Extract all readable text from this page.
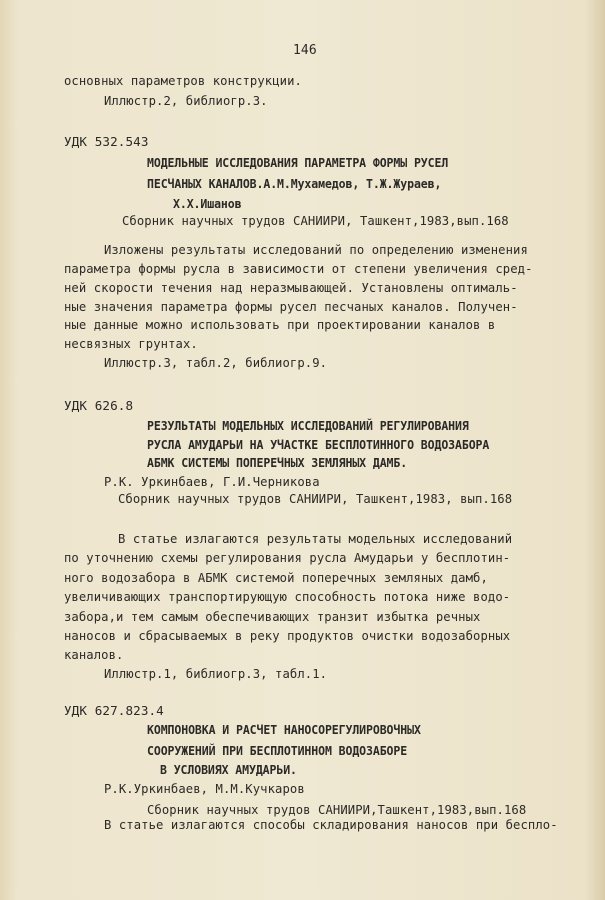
146
основных параметров конструкции.
Иллюстр.2, библиогр.3.
УДК 532.543
МОДЕЛЬНЫЕ ИССЛЕДОВАНИЯ ПАРАМЕТРА ФОРМЫ РУСЕЛ
ПЕСЧАНЫХ КАНАЛОВ.А.М.Мухамедов, Т.Ж.Жураев,
Х.Х.Ишанов
Сборник научных трудов САНИИРИ, Ташкент,1983,вып.168
Изложены результаты исследований по определению изменения
параметра формы русла в зависимости от степени увеличения сред-
ней скорости течения над неразмывающей. Установлены оптималь-
ные значения параметра формы русел песчаных каналов. Получен-
ные данные можно использовать при проектировании каналов в
несвязных грунтах.
Иллюстр.3, табл.2, библиогр.9.
УДК 626.8
РЕЗУЛЬТАТЫ МОДЕЛЬНЫХ ИССЛЕДОВАНИЙ РЕГУЛИРОВАНИЯ
РУСЛА АМУДАРЬИ НА УЧАСТКЕ БЕСПЛОТИННОГО ВОДОЗАБОРА
АБМК СИСТЕМЫ ПОПЕРЕЧНЫХ ЗЕМЛЯНЫХ ДАМБ.
Р.К. Уркинбаев, Г.И.Черникова
Сборник научных трудов САНИИРИ, Ташкент,1983, вып.168
В статье излагаются результаты модельных исследований
по уточнению схемы регулирования русла Амударьи у бесплотин-
ного водозабора в АБМК системой поперечных земляных дамб,
увеличивающих транспортирующую способность потока ниже водо-
забора,и тем самым обеспечивающих транзит избытка речных
наносов и сбрасываемых в реку продуктов очистки водозаборных
каналов.
Иллюстр.1, библиогр.3, табл.1.
УДК 627.823.4
КОМПОНОВКА И РАСЧЕТ НАНОСОРЕГУЛИРОВОЧНЫХ
СООРУЖЕНИЙ ПРИ БЕСПЛОТИННОМ ВОДОЗАБОРЕ
В УСЛОВИЯХ АМУДАРЬИ.
Р.К.Уркинбаев, М.М.Кучкаров
Сборник научных трудов САНИИРИ,Ташкент,1983,вып.168
В статье излагаются способы складирования наносов при беспло-
